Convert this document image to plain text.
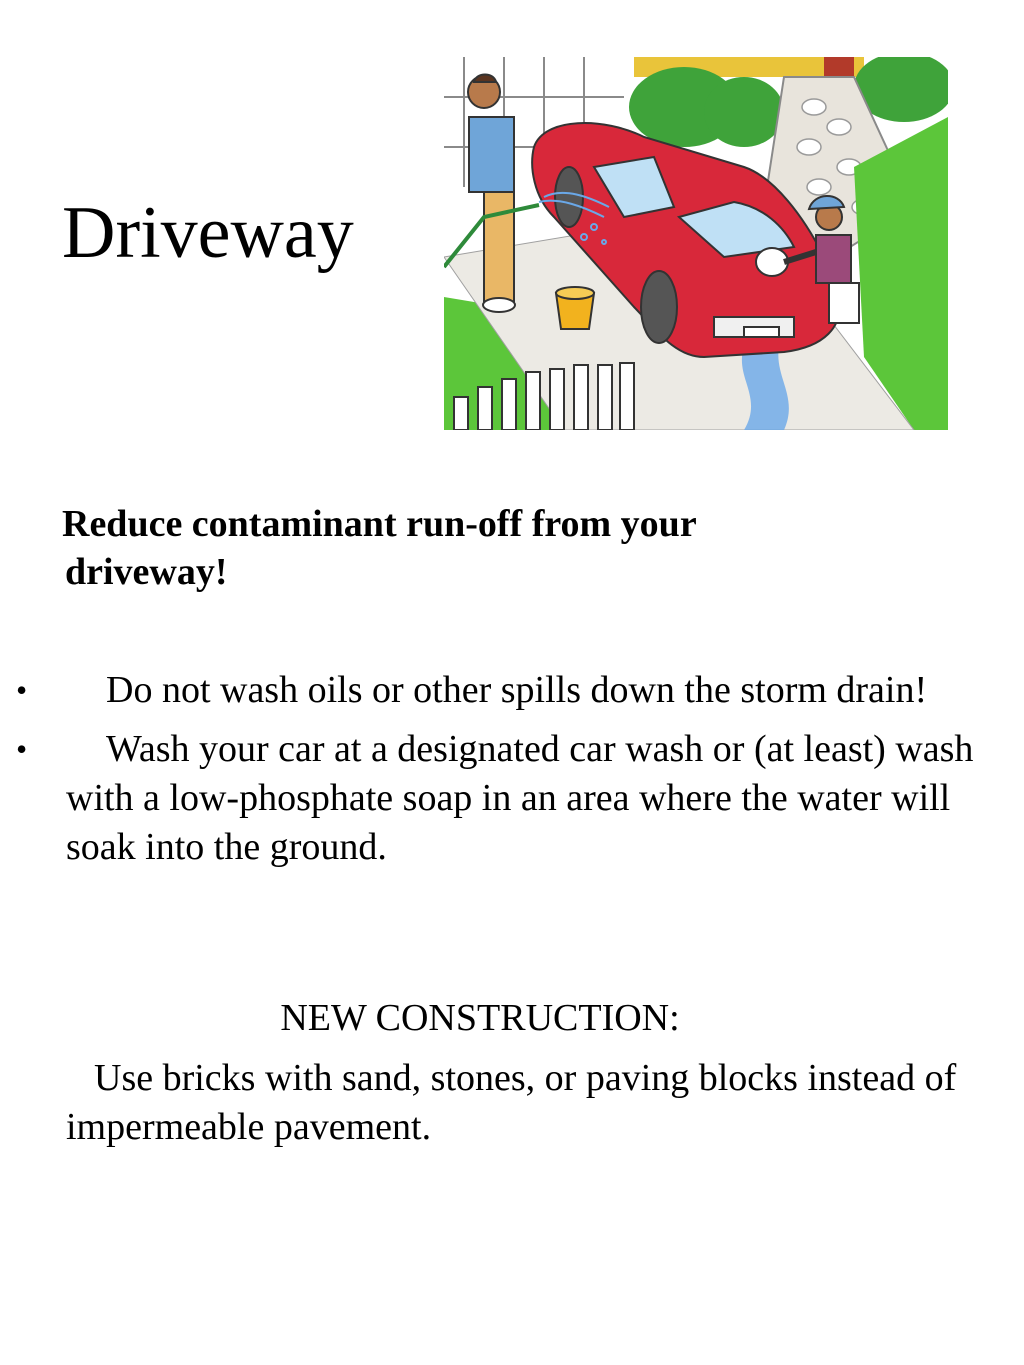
Driveway
Reduce contaminant run-off from your
driveway!
• Do not wash oils or other spills down the storm drain!
• Wash your car at a designated car wash or (at least) wash with a low-phosphate soap in an area where the water will soak into the ground.
NEW CONSTRUCTION:
Use bricks with sand, stones, or paving blocks instead of impermeable pavement.
